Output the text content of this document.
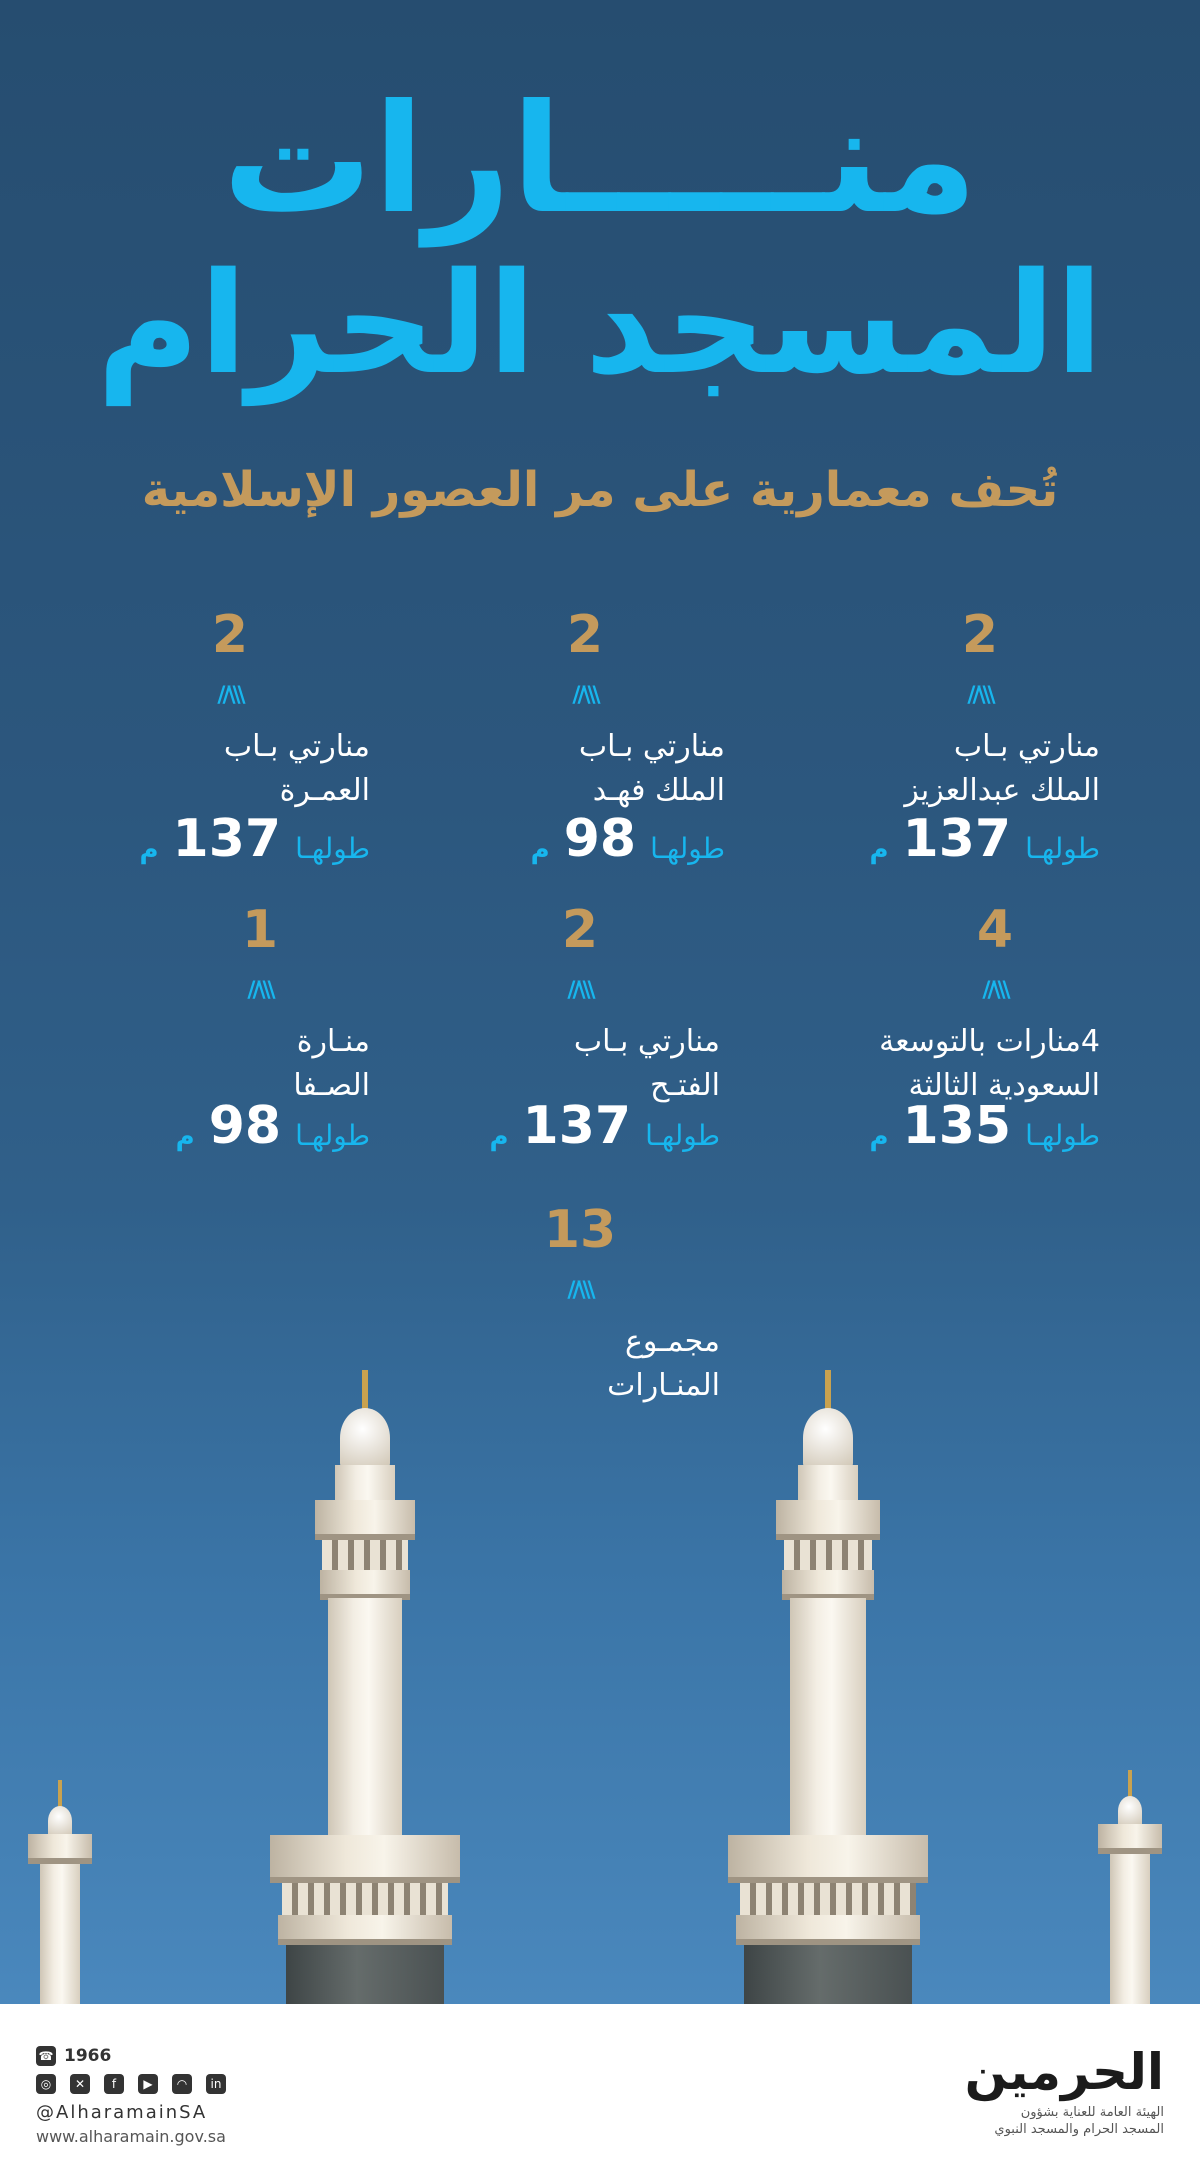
منـــــارات
المسجد الحرام
تُحف معمارية على مر العصور الإسلامية
2
\\\//
منارتي بـاب
الملك عبدالعزيز
طولهـا
137
م
2
\\\//
منارتي بـاب
الملك فهـد
طولهـا
98
م
2
\\\//
منارتي بـاب
العمـرة
طولهـا
137
م
4
\\\//
4منارات بالتوسعة
السعودية الثالثة
طولهـا
135
م
2
\\\//
منارتي بـاب
الفتـح
طولهـا
137
م
1
\\\//
منـارة
الصـفا
طولهـا
98
م
13
\\\//
مجمـوع
المنـارات
☎ 1966
◎	✕	f	▶	◠	in
@AlharamainSA
www.alharamain.gov.sa
الحرمين
الهيئة العامة للعناية بشؤون
المسجد الحرام والمسجد النبوي
